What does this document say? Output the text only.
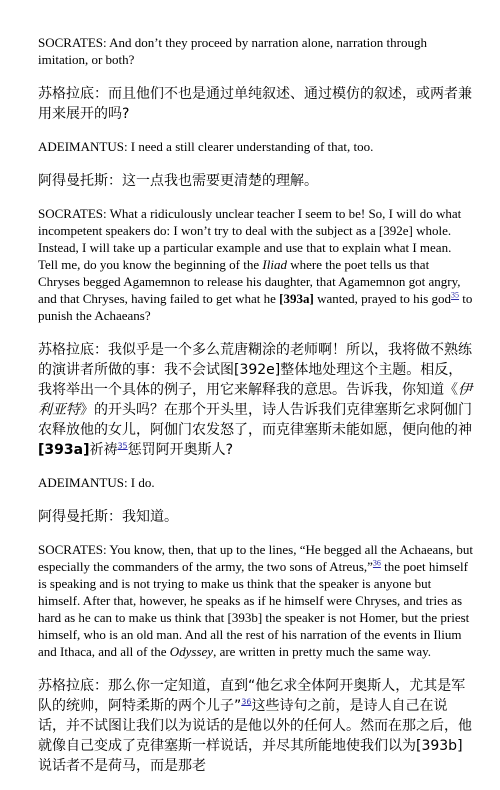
SOCRATES: And don’t they proceed by narration alone, narration through imitation, or both?

苏格拉底：而且他们不也是通过单纯叙述、通过模仿的叙述，或两者兼用来展开的吗?

ADEIMANTUS: I need a still clearer understanding of that, too.

阿得曼托斯：这一点我也需要更清楚的理解。

SOCRATES: What a ridiculously unclear teacher I seem to be! So, I will do what incompetent speakers do: I won’t try to deal with the subject as a [392e] whole. Instead, I will take up a particular example and use that to explain what I mean. Tell me, do you know the beginning of the Iliad where the poet tells us that Chryses begged Agamemnon to release his daughter, that Agamemnon got angry, and that Chryses, having failed to get what he [393a] wanted, prayed to his god$^{35}$ to punish the Achaeans?

苏格拉底：我似乎是一个多么荒唐糊涂的老师啊！所以，我将做不熟练的演讲者所做的事：我不会试图[392e]整体地处理这个主题。相反，我将举出一个具体的例子，用它来解释我的意思。告诉我，你知道《伊利亚特》的开头吗？在那个开头里，诗人告诉我们克律塞斯乞求阿伽门农释放他的女儿，阿伽门农发怒了，而克律塞斯未能如愿，便向他的神[393a]祈祷$^{35}$惩罚阿开奥斯人?

ADEIMANTUS: I do.

阿得曼托斯：我知道。

SOCRATES: You know, then, that up to the lines, “He begged all the Achaeans, but especially the commanders of the army, the two sons of Atreus,”$^{36}$ the poet himself is speaking and is not trying to make us think that the speaker is anyone but himself. After that, however, he speaks as if he himself were Chryses, and tries as hard as he can to make us think that [393b] the speaker is not Homer, but the priest himself, who is an old man. And all the rest of his narration of the events in Ilium and Ithaca, and all of the Odyssey, are written in pretty much the same way.

苏格拉底：那么你一定知道，直到“他乞求全体阿开奥斯人，尤其是军队的统帅，阿特柔斯的两个儿子”$^{36}$这些诗句之前，是诗人自己在说话，并不试图让我们以为说话的是他以外的任何人。然而在那之后，他就像自己变成了克律塞斯一样说话，并尽其所能地使我们以为[393b]说话者不是荷马，而是那老
